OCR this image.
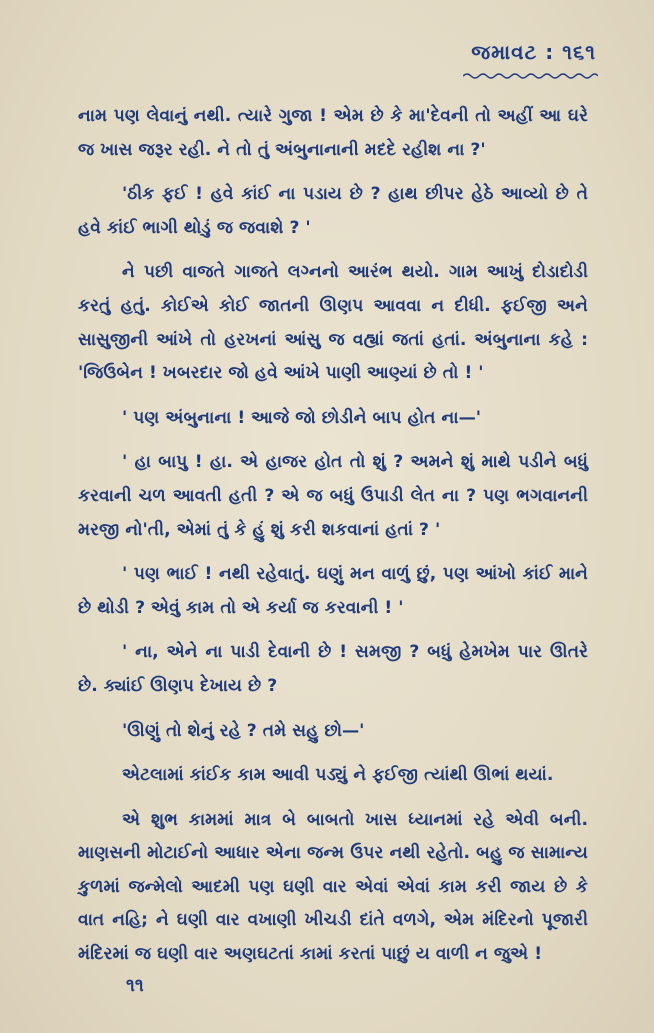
જમાવટ : ૧૬૧

નામ પણ લેવાનું નથી. ત્યારે ગુજા ! એમ છે કે મા'દેવની તો અહીં આ ઘરે જ ખાસ જરૂર રહી. ને તો તું અંબુનાનાની મદદે રહીશ ના ?'

'ઠીક ફઈ ! હવે કાંઈ ના પડાય છે ? હાથ છીપર હેઠે આવ્યો છે તે હવે કાંઈ ભાગી થોડું જ જવાશે ? '

ને પછી વાજતે ગાજતે લગ્નનો આરંભ થયો. ગામ આખું દોડાદોડી કરતું હતું. કોઈએ કોઈ જાતની ઊણપ આવવા ન દીધી. ફઈજી અને સાસુજીની આંખે તો હરખનાં આંસુ જ વહ્યાં જતાં હતાં. અંબુનાના કહે : 'જિઉબેન ! ખબરદાર જો હવે આંખે પાણી આણ્યાં છે તો ! '

' પણ અંબુનાના ! આજે જો છોડીને બાપ હોત ના—'

' હા બાપુ ! હા. એ હાજર હોત તો શું ? અમને શું માથે પડીને બધું કરવાની ચળ આવતી હતી ? એ જ બધું ઉપાડી લેત ના ? પણ ભગવાનની મરજી નો'તી, એમાં તું કે હું શું કરી શકવાનાં હતાં ? '

' પણ ભાઈ ! નથી રહેવાતું. ઘણું મન વાળું છું, પણ આંખો કાંઈ માને છે થોડી ? એવું કામ તો એ કર્યા જ કરવાની ! '

' ના, એને ના પાડી દેવાની છે ! સમજી ? બધું હેમખેમ પાર ઊતરે છે. ક્યાંઈ ઊણપ દેખાય છે ?

'ઊણું તો શેનું રહે ? તમે સહુ છો—'

એટલામાં કાંઈક કામ આવી પડ્યું ને ફઈજી ત્યાંથી ઊભાં થયાં.

એ શુભ કામમાં માત્ર બે બાબતો ખાસ ધ્યાનમાં રહે એવી બની. માણસની મોટાઈનો આધાર એના જન્મ ઉપર નથી રહેતો. બહુ જ સામાન્ય કુળમાં જન્મેલો આદમી પણ ઘણી વાર એવાં એવાં કામ કરી જાય છે કે વાત નહિ; ને ઘણી વાર વખાણી ખીચડી દાંતે વળગે, એમ મંદિરનો પૂજારી મંદિરમાં જ ઘણી વાર અણઘટતાં કામાં કરતાં પાછું ય વાળી ન જુએ !

૧૧
